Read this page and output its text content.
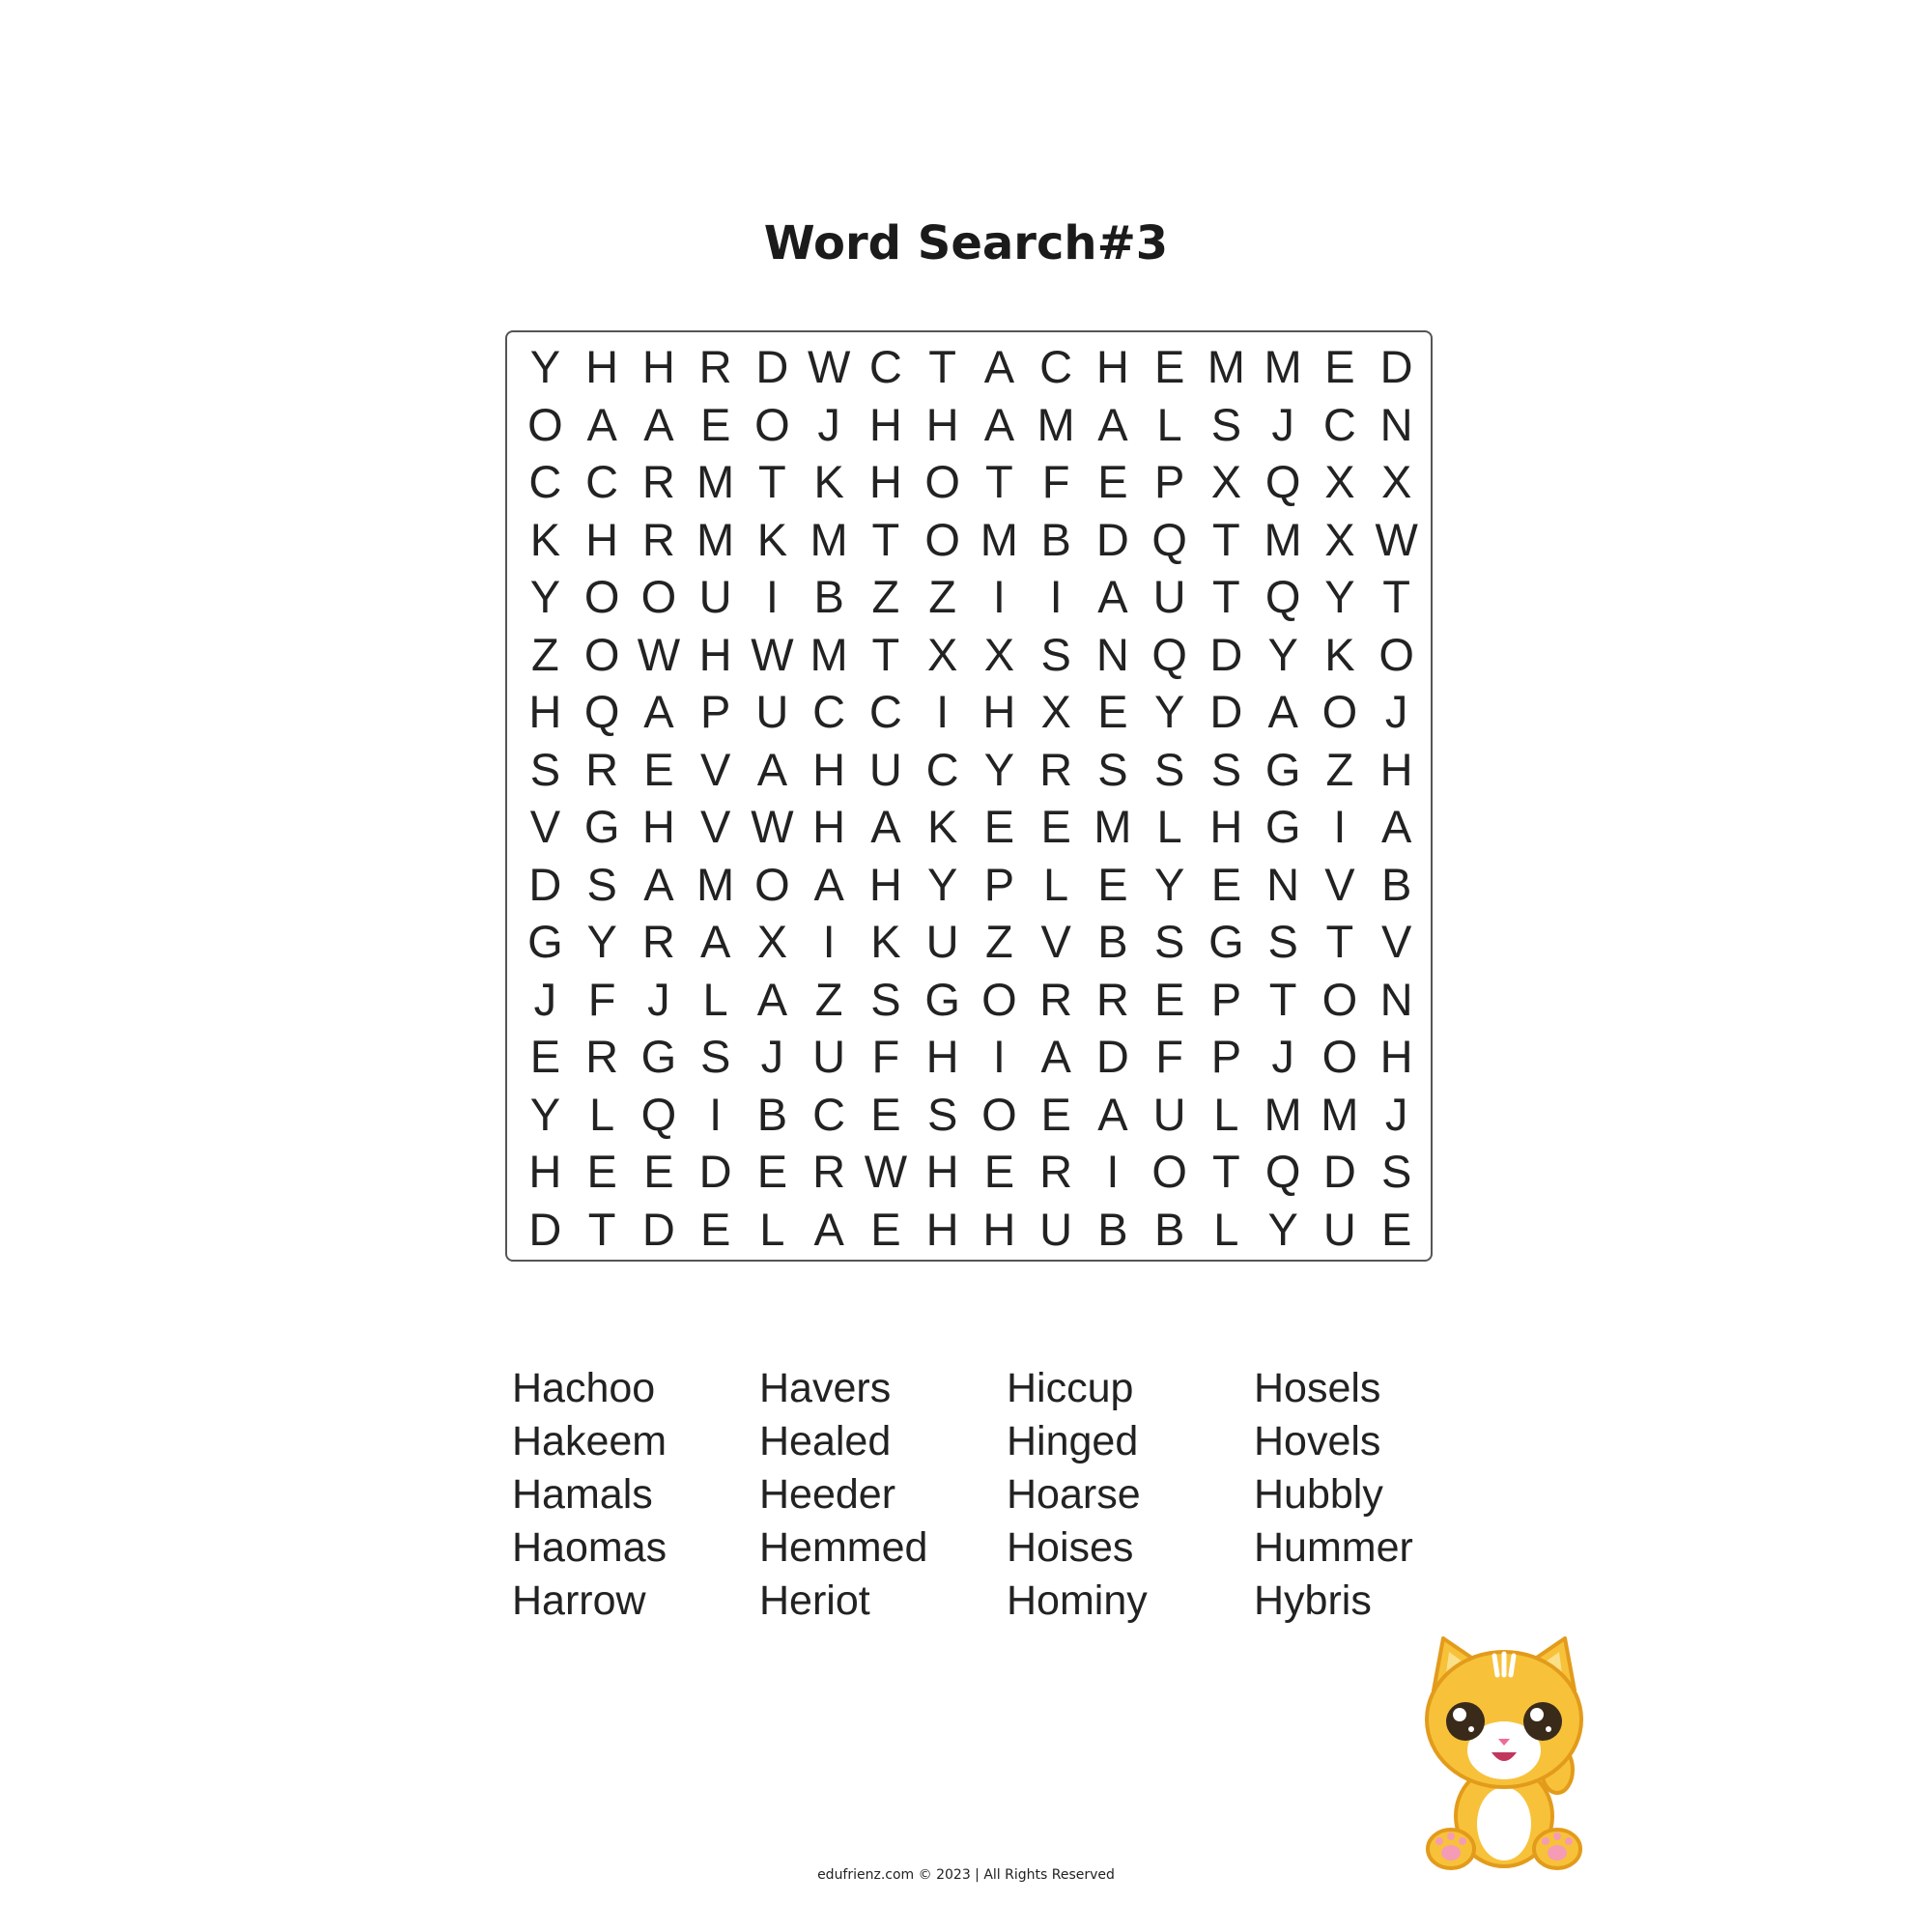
Word Search#3
Y H H R D W C T A C H E M M E D
O A A E O J H H A M A L S J C N
C C R M T K H O T F E P X Q X X
K H R M K M T O M B D Q T M X W
Y O O U I B Z Z I I A U T Q Y T
Z O W H W M T X X S N Q D Y K O
H Q A P U C C I H X E Y D A O J
S R E V A H U C Y R S S S G Z H
V G H V W H A K E E M L H G I A
D S A M O A H Y P L E Y E N V B
G Y R A X I K U Z V B S G S T V
J F J L A Z S G O R R E P T O N
E R G S J U F H I A D F P J O H
Y L Q I B C E S O E A U L M M J
H E E D E R W H E R I O T Q D S
D T D E L A E H H U B B L Y U E
Hachoo
Hakeem
Hamals
Haomas
Harrow
Havers
Healed
Heeder
Hemmed
Heriot
Hiccup
Hinged
Hoarse
Hoises
Hominy
Hosels
Hovels
Hubbly
Hummer
Hybris
edufrienz.com © 2023 | All Rights Reserved
